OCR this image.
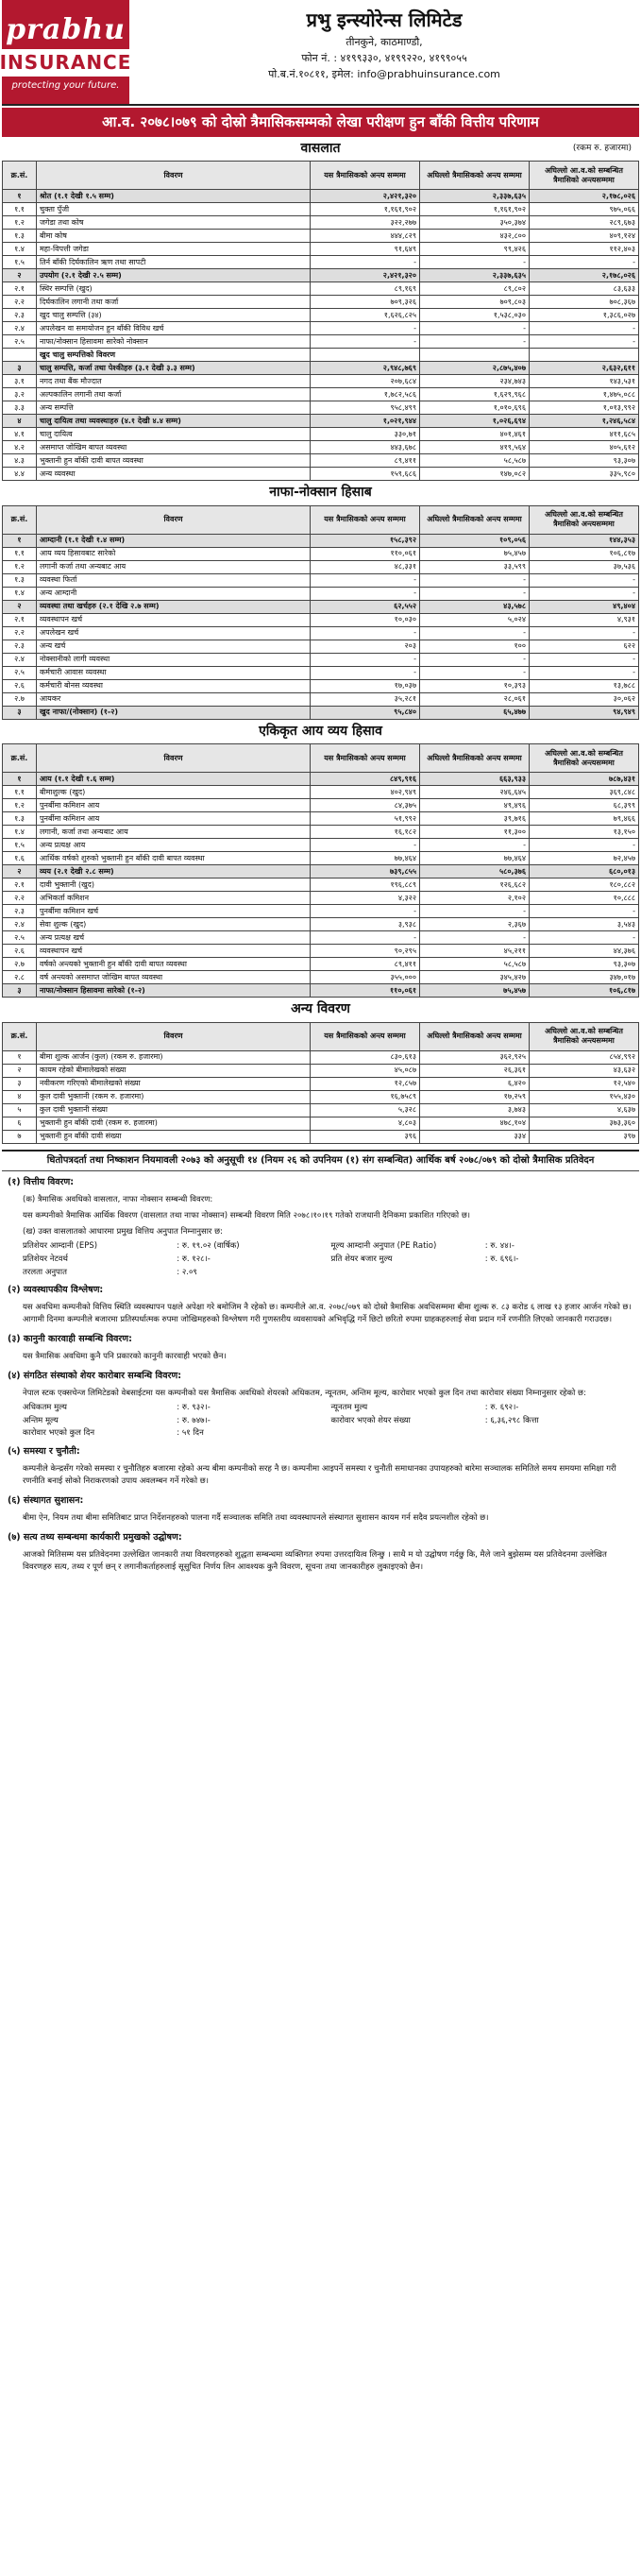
prabhu
INSURANCE
protecting your future.
प्रभु इन्स्योरेन्स लिमिटेड
तीनकुने, काठमाण्डौ,
फोन नं. : ४१९९३३०, ४१९९२२०, ४१९९०५५
पो.ब.नं.१०८११, इमेल: info@prabhuinsurance.com
आ.व. २०७८।०७९ को दोस्रो त्रैमासिकसम्मको लेखा परीक्षण हुन बाँकी वित्तीय परिणाम
वासलात	(रकम रु. हजारमा)
क्र.सं.	विवरण	यस त्रैमासिकको अन्त्य सम्ममा	अघिल्लो त्रैमासिकको अन्त्य सम्ममा	अघिल्लो आ.व.को सम्बन्धित त्रैमासिको अन्त्यसम्ममा
१	श्रोत (१.१ देखी १.५ सम्म)	२,४२१,३२०	२,३३७,६३५	२,१७८,०२६
१.१	चुक्ता पुँजी	१,१६१,९०२	१,१६१,९०२	९७५,०६६
१.२	जगेडा तथा कोष	३२२,२७७	३५०,३७४	२८९,६७३
१.३	बीमा कोष	४४४,८२९	४३२,८००	४०९,१२४
१.४	महा-विपत्ती जगेडा	९१,६४९	९९,४२६	११२,४०३
१.५	तिर्न बाँकी दिर्घकालिन ऋण तथा सापटी	-	-	-
२	उपयोग (२.१ देखी २.५ सम्म)	२,४२१,३२०	२,३३७,६३५	२,१७८,०२६
२.१	स्थिर सम्पत्ति (खुद)	८९,१६९	८९,८०२	८३,६३३
२.२	दिर्घकालिन लगानी तथा कर्जा	७०९,३२६	७०९,८०३	७०८,३६७
२.३	खुद चालु सम्पत्ति (३४)	१,६२६,८२५	१,५३८,०३०	१,३८६,०२७
२.४	अपलेखन वा समायोजन हुन बाँकी विविध खर्च	-	-	-
२.५	नाफा/नोक्सान हिसावमा सारेको नोक्सान	-	-	-
	खुद चालु सम्पत्तिको विवरण			
३	चालु सम्पत्ति, कर्जा तथा पेश्कीहरु (३.१ देखी ३.३ सम्म)	२,९४८,७६९	२,८७५,४०७	२,६३२,६११
३.१	नगद तथा बैंक मौज्दात	२०७,६८४	२३४,७४३	१४३,५३१
३.२	अल्पकालिन लगानी तथा कर्जा	१,७८२,५८६	१,६२९,९६८	१,४७५,०८८
३.३	अन्य सम्पत्ति	९५८,४९९	१,०१०,६९६	१,०१३,९९२
४	चालु दायित्व तथा व्यवस्थाहरु (४.१ देखी ४.४ सम्म)	१,०२१,९४४	१,०२६,६९४	१,२४६,५८४
४.१	चालु दायित्व	३३०,७१	४०१,४६१	४११,६८५
४.२	असमाप्त जोखिम बापत व्यवस्था	४४३,६७८	४१९,५६४	४०५,६१२
४.३	भुक्तानी हुन बाँकी दावी बापत व्यवस्था	८९,४११	५८,५८७	९३,३०७
४.४	अन्य व्यवस्था	१५९,६८६	१४७,०८२	३३५,९८०
नाफा-नोक्सान हिसाब
क्र.सं.	विवरण	यस त्रैमासिकको अन्त्य सम्ममा	अघिल्लो त्रैमासिकको अन्त्य सम्ममा	अघिल्लो आ.व.को सम्बन्धित त्रैमासिको अन्त्यसम्ममा
१	आम्दानी (१.१ देखी १.४ सम्म)	१५८,३९२	१०९,०५६	१४४,३५३
१.१	आय व्यय हिसावबाट सारेको	११०,०६१	७५,४५७	१०६,८१७
१.२	लगानी कर्जा तथा अन्यबाट आय	४८,३३१	३३,५९९	३७,५३६
१.३	व्यवस्था फिर्ता	-	-	-
१.४	अन्य आम्दानी	-	-	-
२	व्यवस्था तथा खर्चहरु (२.१ देखि २.७ सम्म)	६२,५५२	४३,५७८	४९,४०४
२.१	व्यवस्थापन खर्च	१०,०३०	५,०२४	४,९३१
२.२	अपलेखन खर्च	-	-	-
२.३	अन्य खर्च	२०३	१००	६२२
२.४	नोक्सानीको लागी व्यवस्था	-	-	-
२.५	कर्मचारी आवास व्यवस्था	-	-	-
२.६	कर्मचारी बोनस व्यवस्था	१७,०३७	१०,३९३	१३,७८८
२.७	आयकर	३५,२८१	२८,०६१	३०,०६२
३	खुद नाफा/(नोक्सान) (१-२)	९५,८४०	६५,४७७	९४,९४९
एकिकृत आय व्यय हिसाव
क्र.सं.	विवरण	यस त्रैमासिकको अन्त्य सम्ममा	अघिल्लो त्रैमासिकको अन्त्य सम्ममा	अघिल्लो आ.व.को सम्बन्धित त्रैमासिको अन्त्यसम्ममा
१	आय (१.१ देखी १.६ सम्म)	८४९,९१६	६६३,९३३	७८७,४३१
१.१	बीमाशुल्क (खुद)	४०२,९४९	२४६,६४५	३६९,८४८
१.२	पुनर्बीमा कमिशन आय	८४,३७५	४९,४९६	६८,३९९
१.३	पुनर्बीमा कमिशन आय	५१,९९२	३९,७१६	७९,४६६
१.४	लगानी, कर्जा तथा अन्यबाट आय	१६,१८२	११,३००	१३,१५०
१.५	अन्य प्रत्यक्ष आय	-	-	-
१.६	आर्थिक वर्षको शुरुको भुक्तानी हुन बाँकी दावी बापत व्यवस्था	७७,४६४	७७,४६४	७२,४५७
२	व्यय (२.१ देखी २.८ सम्म)	७३९,८५५	५८०,३७६	६८०,०१३
२.१	दावी भुक्तानी (खुद)	१९६,८८९	१२६,६८२	१८०,८८२
२.२	अभिकर्ता कमिशन	४,३२२	२,१०२	१०,८८८
२.३	पुनर्बीमा कमिशन खर्च	-	-	-
२.४	सेवा शुल्क (खुद)	३,९३८	२,३६७	३,५४३
२.५	अन्य प्रत्यक्ष खर्च	-	-	-
२.६	व्यवस्थापन खर्च	९०,२९५	४५,२११	४४,३७६
२.७	वर्षको अन्त्यको भुक्तानी हुन बाँकी दावी बापत व्यवस्था	८९,४११	५८,५८७	९३,३०७
२.८	वर्ष अन्त्यको असमाप्त जोखिम बापत व्यवस्था	३५५,०००	३४५,४२७	३४७,०१७
३	नाफा/नोक्सान हिसावमा सारेको (१-२)	११०,०६१	७५,४५७	१०६,८१७
अन्य विवरण
क्र.सं.	विवरण	यस त्रैमासिकको अन्त्य सम्ममा	अघिल्लो त्रैमासिकको अन्त्य सम्ममा	अघिल्लो आ.व.को सम्बन्धित त्रैमासिको अन्त्यसम्ममा
१	बीमा शुल्क आर्जन (कुल) (रकम रु. हजारमा)	८३०,६१३	३६२,९२५	८५४,९९२
२	कायम रहेको बीमालेखको संख्या	४५,०८७	२६,३६१	४३,६३२
३	नवीकरण गरिएको बीमालेखको संख्या	१२,८५७	६,४२०	१२,५४०
४	कुल दावी भुक्तानी (रकम रु. हजारमा)	१६,७५८९	१७,२५९	१५५,४३०
५	कुल दावी भुक्तानी संख्या	५,३२८	३,७४३	४,६३७
६	भुक्तानी हुन बाँकी दावी (रकम रु. हजारमा)	४,८०३	४७८,१०४	३७३,३६०
७	भुक्तानी हुन बाँकी दावी संख्या	३९६	३३४	३९७
धितोपत्रदर्ता तथा निष्काशन नियमावली २०७३ को अनुसूची १४ (नियम २६ को उपनियम (१) संग सम्बन्धित) आर्थिक बर्ष २०७८/०७९ को दोस्रो त्रैमासिक प्रतिवेदन
(१) वित्तीय विवरण:
(क) त्रैमासिक अवधिको वासलात, नाफा नोक्सान सम्बन्धी विवरण:
यस कम्पनीको त्रैमासिक आर्थिक विवरण (वासलात तथा नाफा नोक्सान) सम्बन्धी विवरण मिति २०७८।१०।१९ गतेको राजधानी दैनिकमा प्रकाशित गरिएको छ।
(ख) उक्त वासलातको आधारमा प्रमुख वित्तिय अनुपात निम्नानुसार छ:
प्रतिशेयर आम्दानी (EPS)	: रु. १९.०२ (वार्षिक)	मूल्य आम्दानी अनुपात (PE Ratio)	: रु. ४४।-
प्रतिशेयर नेटवर्थ	: रु. १२८।-	प्रति शेयर बजार मुल्य	: रु. ६९६।-
तरलता अनुपात	: २.०९
(२) व्यवस्थापकीय विश्लेषण:
यस अवधिमा कम्पनीको वित्तिय स्थिति व्यवस्थापन पक्षले अपेक्षा गरे बमोजिम नै रहेको छ। कम्पनीले आ.व. २०७८/०७९ को दोस्रो त्रैमासिक अवधिसम्ममा बीमा शुल्क रु. ८३ करोड ६ लाख १३ हजार आर्जन गरेको छ। आगामी दिनमा कम्पनीले बजारमा प्रतिस्पर्धात्मक रुपमा जोखिमहरुको विश्लेषण गरी गुणस्तरीय व्यवसायको अभिवृद्धि गर्ने छिटो छरितो रुपमा ग्राहकहरुलाई सेवा प्रदान गर्ने रणनीति लिएको जानकारी गराउदछ।
(३) कानुनी कारवाही सम्बन्धि विवरण:
यस त्रैमासिक अवधिमा कुनै पनि प्रकारको कानुनी कारवाही भएको छैन।
(४) संगठित संस्थाको शेयर कारोबार सम्बन्धि विवरण:
नेपाल स्टक एक्सचेन्ज लिमिटेडको वेबसाईटमा यस कम्पनीको यस त्रैमासिक अवधिको शेयरको अधिकतम, न्यूनतम, अन्तिम मूल्य, कारोवार भएको कुल दिन तथा कारोवार संख्या निम्नानुसार रहेको छ:
अधिकतम मुल्य	: रु. ९३२।-	न्यूनतम मुल्य	: रु. ६९२।-
अन्तिम मूल्य	: रु. ७४७।-	कारोवार भएको शेयर संख्या	: ६,३६,२९८ कित्ता
कारोवार भएको कुल दिन	: ५१ दिन
(५) समस्या र चुनौती:
कम्पनीले केन्द्रसँग गरेको समस्या र चुनौतिहरु बजारमा रहेको अन्य बीमा कम्पनीको सरह नै छ। कम्पनीमा आइपर्ने समस्या र चुनौती समाधानका उपायहरुको बारेमा सञ्चालक समितिले समय समयमा समिक्षा गरी रणनीति बनाई सोको निराकरणको उपाय अवलम्बन गर्ने गरेको छ।
(६) संस्थागत सुशासन:
बीमा ऐन, नियम तथा बीमा समितिबाट प्राप्त निर्देशनहरुको पालना गर्दै सञ्चालक समिति तथा व्यवस्थापनले संस्थागत सुशासन कायम गर्न सदैव प्रयत्नशील रहेको छ।
(७) सत्य तथ्य सम्बन्धमा कार्यकारी प्रमुखको उद्घोषण:
आजको मितिसम्म यस प्रतिवेदनमा उल्लेखित जानकारी तथा विवरणहरुको शुद्धता सम्बन्धमा व्यक्तिगत रुपमा उत्तरदायित्व लिन्छु । साथै म यो उद्घोषण गर्दछु कि, मैले जाने बुझेसम्म यस प्रतिवेदनमा उल्लेखित विवरणहरु सत्य, तथ्य र पूर्ण छन् र लगानीकर्ताहरुलाई सूसुचित निर्णय लिन आवश्यक कुनै विवरण, सूचना तथा जानकारीहरु लुकाइएको छैन।
